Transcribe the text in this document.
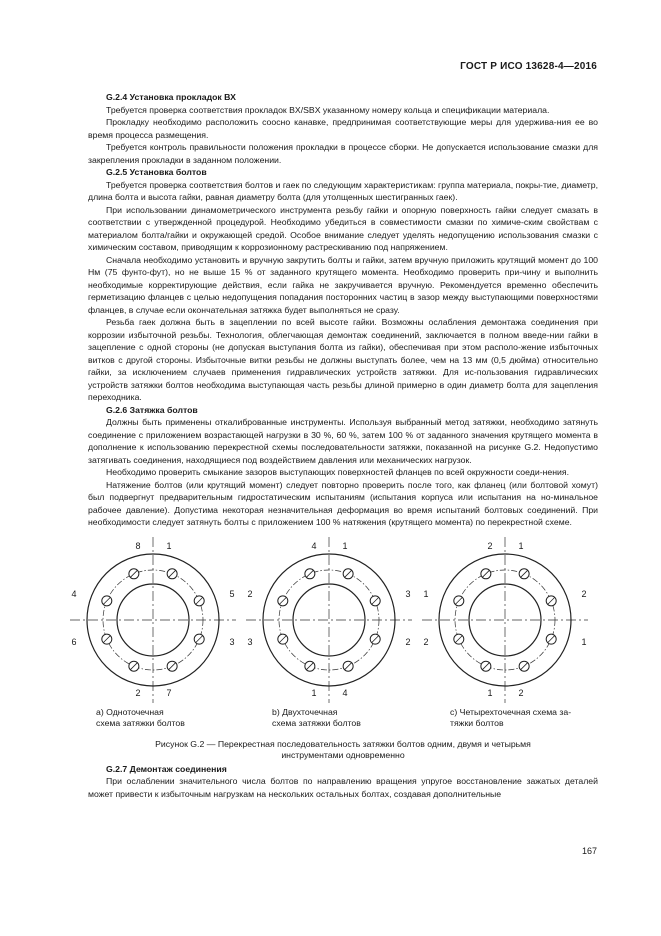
ГОСТ Р ИСО 13628-4—2016

G.2.4 Установка прокладок ВХ

Требуется проверка соответствия прокладок BX/SBX указанному номеру кольца и спецификации материала.

Прокладку необходимо расположить соосно канавке, предпринимая соответствующие меры для удержива-ния ее во время процесса размещения.

Требуется контроль правильности положения прокладки в процессе сборки. Не допускается использование смазки для закрепления прокладки в заданном положении.

G.2.5 Установка болтов

Требуется проверка соответствия болтов и гаек по следующим характеристикам: группа материала, покры-тие, диаметр, длина болта и высота гайки, равная диаметру болта (для утолщенных шестигранных гаек).

При использовании динамометрического инструмента резьбу гайки и опорную поверхность гайки следует смазать в соответствии с утвержденной процедурой. Необходимо убедиться в совместимости смазки по химиче-ским свойствам с материалом болта/гайки и окружающей средой. Особое внимание следует уделять недопущению использования смазки с химическим составом, приводящим к коррозионному растрескиванию под напряжением.

Сначала необходимо установить и вручную закрутить болты и гайки, затем вручную приложить крутящий момент до 100 Нм (75 фунто-фут), но не выше 15 % от заданного крутящего момента. Необходимо проверить при-чину и выполнить необходимые корректирующие действия, если гайка не закручивается вручную. Рекомендуется временно обеспечить герметизацию фланцев с целью недопущения попадания посторонних частиц в зазор между выступающими поверхностями фланцев, в случае если окончательная затяжка будет выполняться не сразу.

Резьба гаек должна быть в зацеплении по всей высоте гайки. Возможны ослабления демонтажа соединения при коррозии избыточной резьбы. Технология, облегчающая демонтаж соединений, заключается в полном введе-нии гайки в зацепление с одной стороны (не допуская выступания болта из гайки), обеспечивая при этом располо-жение избыточных витков с другой стороны. Избыточные витки резьбы не должны выступать более, чем на 13 мм (0,5 дюйма) относительно гайки, за исключением случаев применения гидравлических устройств затяжки. Для ис-пользования гидравлических устройств затяжки болтов необходима выступающая часть резьбы длиной примерно в один диаметр болта для зацепления переходника.

G.2.6 Затяжка болтов

Должны быть применены откалиброванные инструменты. Используя выбранный метод затяжки, необходимо затянуть соединение с приложением возрастающей нагрузки в 30 %, 60 %, затем 100 % от заданного значения крутящего момента в дополнение к использованию перекрестной схемы последовательности затяжки, показанной на рисунке G.2. Недопустимо затягивать соединения, находящиеся под воздействием давления или механических нагрузок.

Необходимо проверить смыкание зазоров выступающих поверхностей фланцев по всей окружности соеди-нения.

Натяжение болтов (или крутящий момент) следует повторно проверить после того, как фланец (или болтовой хомут) был подвергнут предварительным гидростатическим испытаниям (испытания корпуса или испытания на но-минальное рабочее давление). Допустима некоторая незначительная деформация во время испытаний болтовых соединений. При необходимости следует затянуть болты с приложением 100 % натяжения (крутящего момента) по перекрестной схеме.

8	1
4	5
6	3
2	7
4	1
2	3
3	2
1	4
2	1
1	2
2	1
1	2
а) Одноточечная
схема затяжки болтов
b) Двухточечная
схема затяжки болтов
с) Четырехточечная схема за-
тяжки болтов
Рисунок G.2 — Перекрестная последовательность затяжки болтов одним, двумя и четырьмя
инструментами одновременно

G.2.7 Демонтаж соединения

При ослаблении значительного числа болтов по направлению вращения упругое восстановление зажатых деталей может привести к избыточным нагрузкам на нескольких остальных болтах, создавая дополнительные

167
